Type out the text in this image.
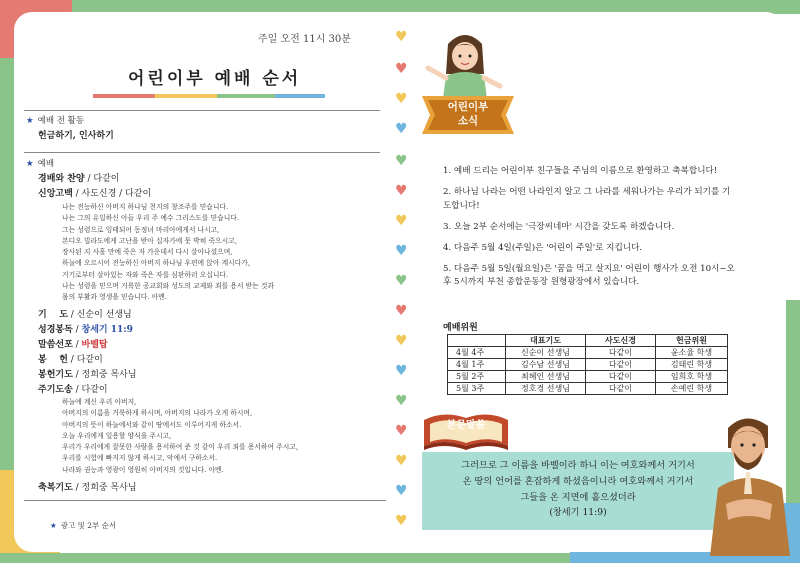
주일 오전 11시 30분
어린이부 예배 순서
★ 예배 전 활동
헌금하기, 인사하기
★ 예배
경배와 찬양 / 다같이
신앙고백 / 사도신경 / 다같이
나는 전능하신 아버지 하나님 천지의 창조주를 믿습니다.
나는 그의 유일하신 아들 우리 주 예수 그리스도를 믿습니다.
그는 성령으로 잉태되어 동정녀 마리아에게서 나시고,
본디오 빌라도에게 고난을 받아 십자가에 못 박혀 죽으시고,
장사된 지 사흘 만에 죽은 자 가운데서 다시 살아나셨으며,
하늘에 오르시어 전능하신 아버지 하나님 우편에 앉아 계시다가,
거기로부터 살아있는 자와 죽은 자를 심판하러 오십니다.
나는 성령을 믿으며 거룩한 공교회와 성도의 교제와 죄를 용서 받는 것과
몸의 부활과 영생을 믿습니다. 아멘.
기    도 / 신순이 선생님
성경봉독 / 창세기 11:9
말씀선포 / 바벨탑
봉    헌 / 다같이
봉헌기도 / 정희중 목사님
주기도송 / 다같이
하늘에 계신 우리 아버지,
아버지의 이름을 거룩하게 하시며, 아버지의 나라가 오게 하시며,
아버지의 뜻이 하늘에서와 같이 땅에서도 이루어지게 하소서.
오늘 우리에게 일용할 양식을 주시고,
우리가 우리에게 잘못한 사람을 용서하여 준 것 같이 우리 죄를 용서하여 주시고,
우리를 시험에 빠지지 않게 하시고, 악에서 구하소서.
나라와 권능과 영광이 영원히 아버지의 것입니다. 아멘.
축복기도 / 정희중 목사님
★ 광고 및 2부 순서
♥
♥
♥
♥
♥
♥
♥
♥
♥
♥
♥
♥
♥
♥
♥
♥
♥
어린이부
소식

1. 예배 드리는 어린이부 친구들을 주님의 이름으로 환영하고 축복합니다!

2. 하나님 나라는 어떤 나라인지 알고 그 나라를 세워나가는 우리가 되기를 기도합니다!

3. 오늘 2부 순서에는 '극장씨네마' 시간을 갖도록 하겠습니다.

4. 다음주 5월 4일(주일)은 '어린이 주일'로 지킵니다.

5. 다음주 5월 5일(월요일)은 '꿈을 먹고 살지요' 어린이 행사가 오전 10시~오후 5시까지 부천 종합운동장 원형광장에서 있습니다.

예배위원
	대표기도	사도신경	헌금위원
4월 4주	신순이 선생님	다같이	윤소율 학생
4월 1주	김수남 선생님	다같이	김태린 학생
5월 2주	최혜인 선생님	다같이	임희호 학생
5월 3주	정호경 선생님	다같이	손예린 학생
본문말씀
그러므로 그 이름을 바벨이라 하니 이는 여호와께서 거기서
온 땅의 언어를 혼잡하게 하셨음이니라 여호와께서 거기서
그들을 온 지면에 흩으셨더라
(창세기 11:9)
